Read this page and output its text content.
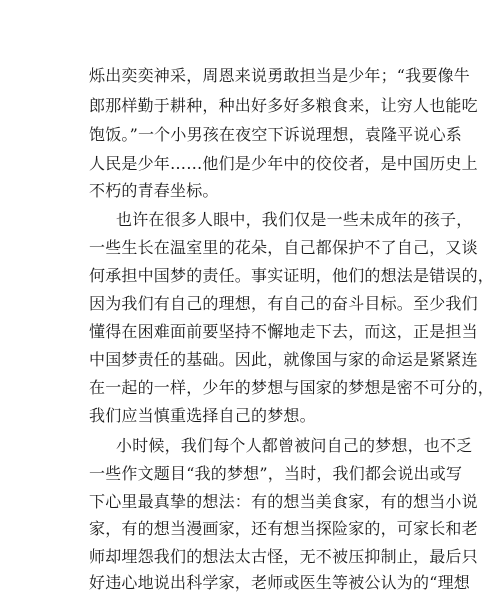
烁出奕奕神采，周恩来说勇敢担当是少年；“我要像牛
郎那样勤于耕种，种出好多好多粮食来，让穷人也能吃
饱饭。”一个小男孩在夜空下诉说理想，袁隆平说心系
人民是少年……他们是少年中的佼佼者，是中国历史上
不朽的青春坐标。
也许在很多人眼中，我们仅是一些未成年的孩子，
一些生长在温室里的花朵，自己都保护不了自己，又谈
何承担中国梦的责任。事实证明，他们的想法是错误的，
因为我们有自己的理想，有自己的奋斗目标。至少我们
懂得在困难面前要坚持不懈地走下去，而这，正是担当
中国梦责任的基础。因此，就像国与家的命运是紧紧连
在一起的一样，少年的梦想与国家的梦想是密不可分的，
我们应当慎重选择自己的梦想。
小时候，我们每个人都曾被问自己的梦想，也不乏
一些作文题目“我的梦想”，当时，我们都会说出或写
下心里最真挚的想法：有的想当美食家，有的想当小说
家，有的想当漫画家，还有想当探险家的，可家长和老
师却埋怨我们的想法太古怪，无不被压抑制止，最后只
好违心地说出科学家，老师或医生等被公认为的“理想
